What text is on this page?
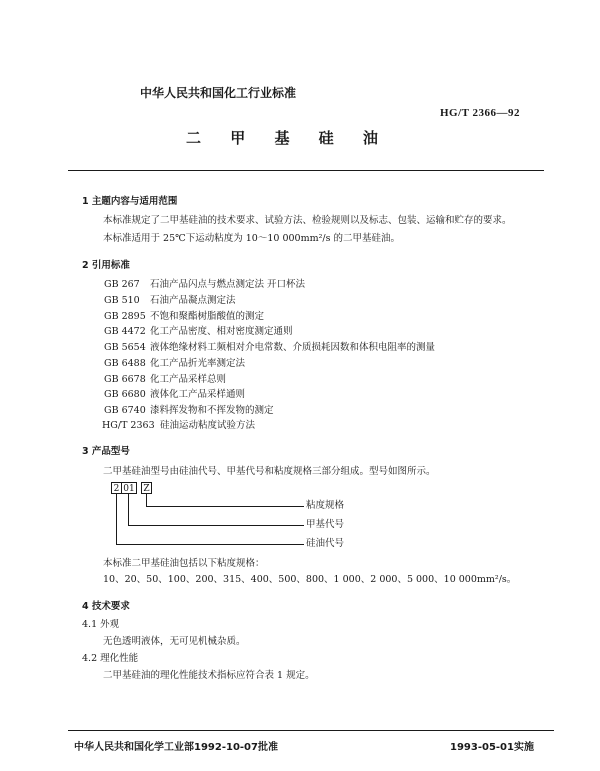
中华人民共和国化工行业标准
HG/T 2366—92
二 甲 基 硅 油
1 主题内容与适用范围
本标准规定了二甲基硅油的技术要求、试验方法、检验规则以及标志、包装、运输和贮存的要求。
本标准适用于 25℃下运动粘度为 10～10 000mm²/s 的二甲基硅油。
2 引用标准
GB 267 石油产品闪点与燃点测定法 开口杯法
GB 510 石油产品凝点测定法
GB 2895 不饱和聚酯树脂酸值的测定
GB 4472 化工产品密度、相对密度测定通则
GB 5654 液体绝缘材料工频相对介电常数、介质损耗因数和体积电阻率的测量
GB 6488 化工产品折光率测定法
GB 6678 化工产品采样总则
GB 6680 液体化工产品采样通则
GB 6740 漆料挥发物和不挥发物的测定
HG/T 2363 硅油运动粘度试验方法
3 产品型号
二甲基硅油型号由硅油代号、甲基代号和粘度规格三部分组成。型号如图所示。
2 01 Z
粘度规格
甲基代号
硅油代号
本标准二甲基硅油包括以下粘度规格：
10、20、50、100、200、315、400、500、800、1 000、2 000、5 000、10 000mm²/s。
4 技术要求
4.1 外观
无色透明液体，无可见机械杂质。
4.2 理化性能
二甲基硅油的理化性能技术指标应符合表 1 规定。
中华人民共和国化学工业部1992-10-07批准	1993-05-01实施
